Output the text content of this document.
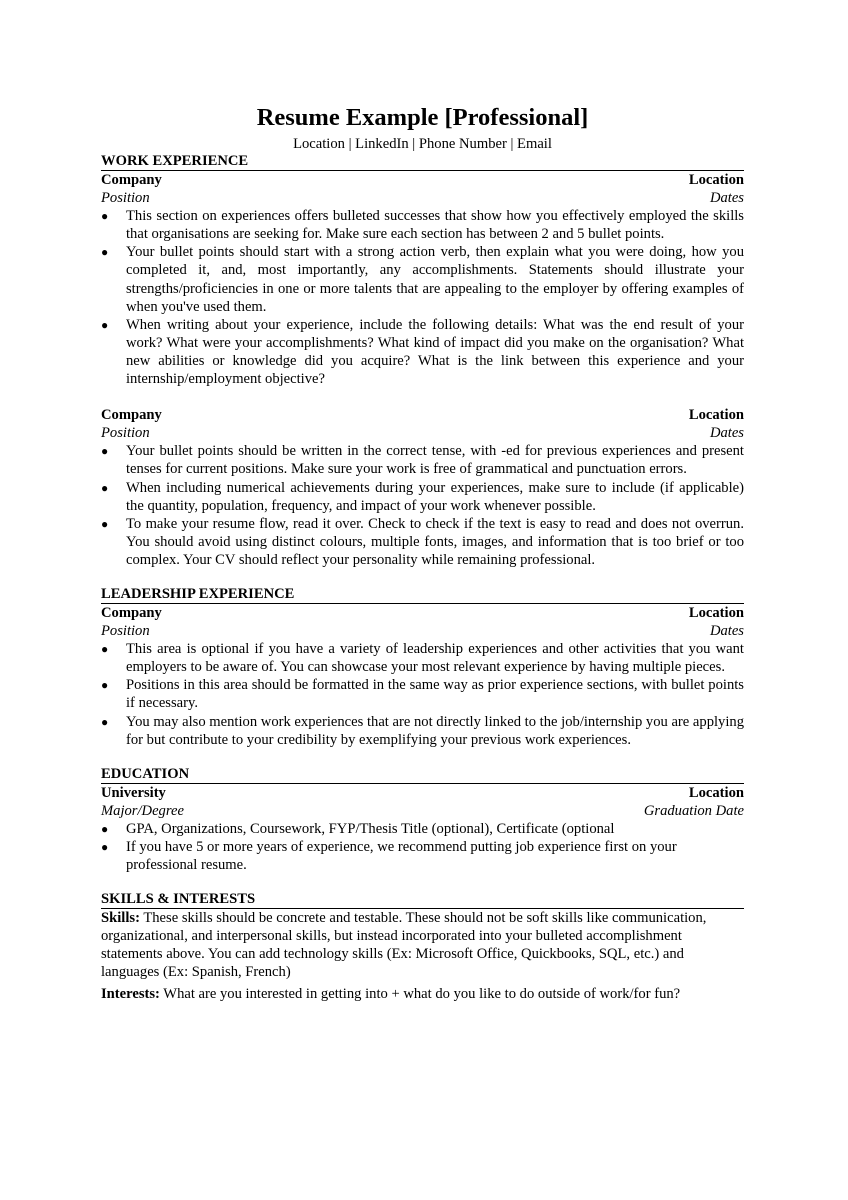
Resume Example [Professional]
Location | LinkedIn | Phone Number | Email
WORK EXPERIENCE
Company	Location
Position	Dates
●	This section on experiences offers bulleted successes that show how you effectively employed the skills that organisations are seeking for. Make sure each section has between 2 and 5 bullet points.
●	Your bullet points should start with a strong action verb, then explain what you were doing, how you completed it, and, most importantly, any accomplishments. Statements should illustrate your strengths/proficiencies in one or more talents that are appealing to the employer by offering examples of when you've used them.
●	When writing about your experience, include the following details: What was the end result of your work? What were your accomplishments? What kind of impact did you make on the organisation? What new abilities or knowledge did you acquire? What is the link between this experience and your internship/employment objective?
Company	Location
Position	Dates
●	Your bullet points should be written in the correct tense, with -ed for previous experiences and present tenses for current positions. Make sure your work is free of grammatical and punctuation errors.
●	When including numerical achievements during your experiences, make sure to include (if applicable) the quantity, population, frequency, and impact of your work whenever possible.
●	To make your resume flow, read it over. Check to check if the text is easy to read and does not overrun. You should avoid using distinct colours, multiple fonts, images, and information that is too brief or too complex. Your CV should reflect your personality while remaining professional.
LEADERSHIP EXPERIENCE
Company	Location
Position	Dates
●	This area is optional if you have a variety of leadership experiences and other activities that you want employers to be aware of. You can showcase your most relevant experience by having multiple pieces.
●	Positions in this area should be formatted in the same way as prior experience sections, with bullet points if necessary.
●	You may also mention work experiences that are not directly linked to the job/internship you are applying for but contribute to your credibility by exemplifying your previous work experiences.
EDUCATION
University	Location
Major/Degree	Graduation Date
●	GPA, Organizations, Coursework, FYP/Thesis Title (optional), Certificate (optional
●	If you have 5 or more years of experience, we recommend putting job experience first on your professional resume.
SKILLS & INTERESTS

Skills: These skills should be concrete and testable. These should not be soft skills like communication, organizational, and interpersonal skills, but instead incorporated into your bulleted accomplishment statements above. You can add technology skills (Ex: Microsoft Office, Quickbooks, SQL, etc.) and languages (Ex: Spanish, French)

Interests: What are you interested in getting into + what do you like to do outside of work/for fun?
